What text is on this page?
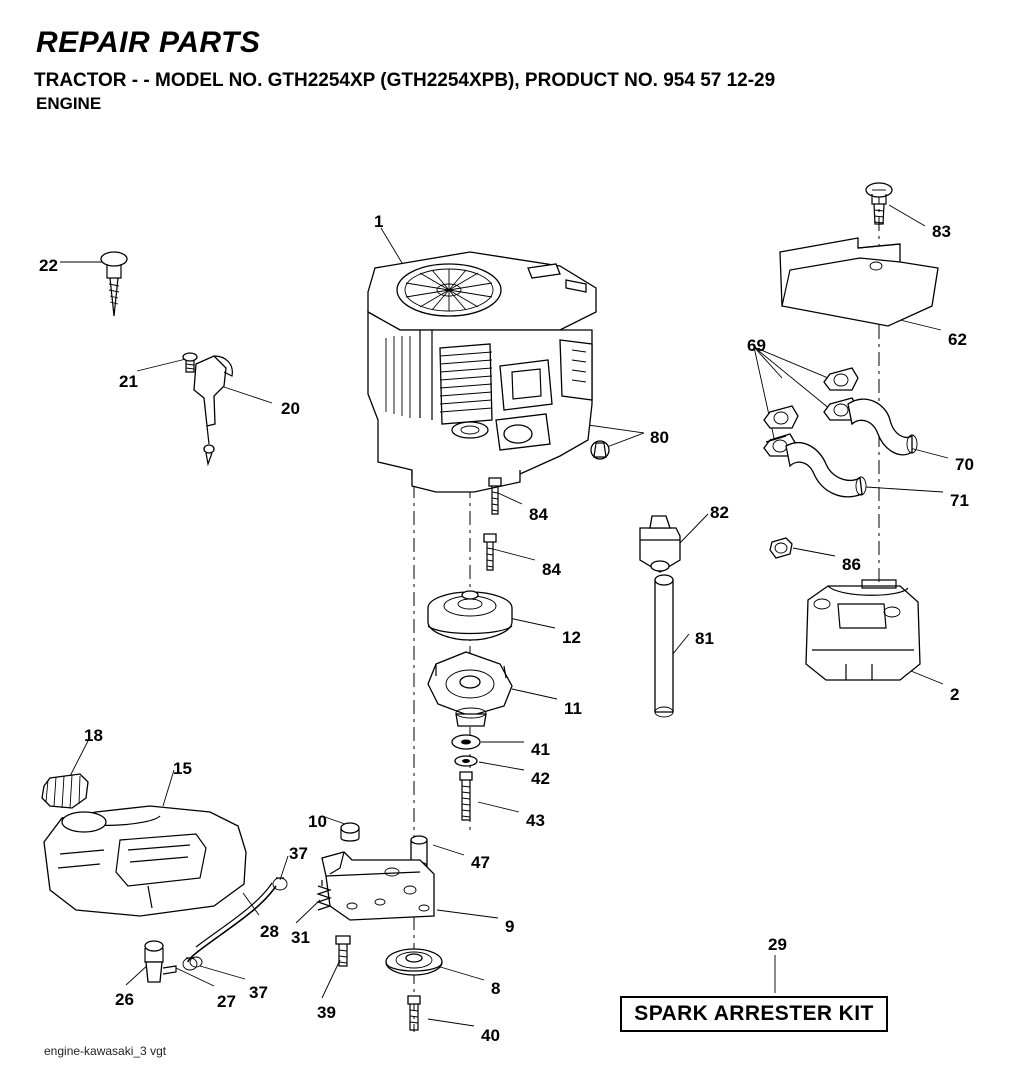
REPAIR PARTS
TRACTOR - - MODEL NO. GTH2254XP (GTH2254XPB), PRODUCT NO. 954 57 12-29
ENGINE
1
2
8
9
10
11
12
15
18
20
21
22
26	27
28 31
37
37
39
40
41
42
43
47
62
69
70
71
80
81
82
83
84
84	86
29
SPARK ARRESTER KIT
engine-kawasaki_3 vgt
